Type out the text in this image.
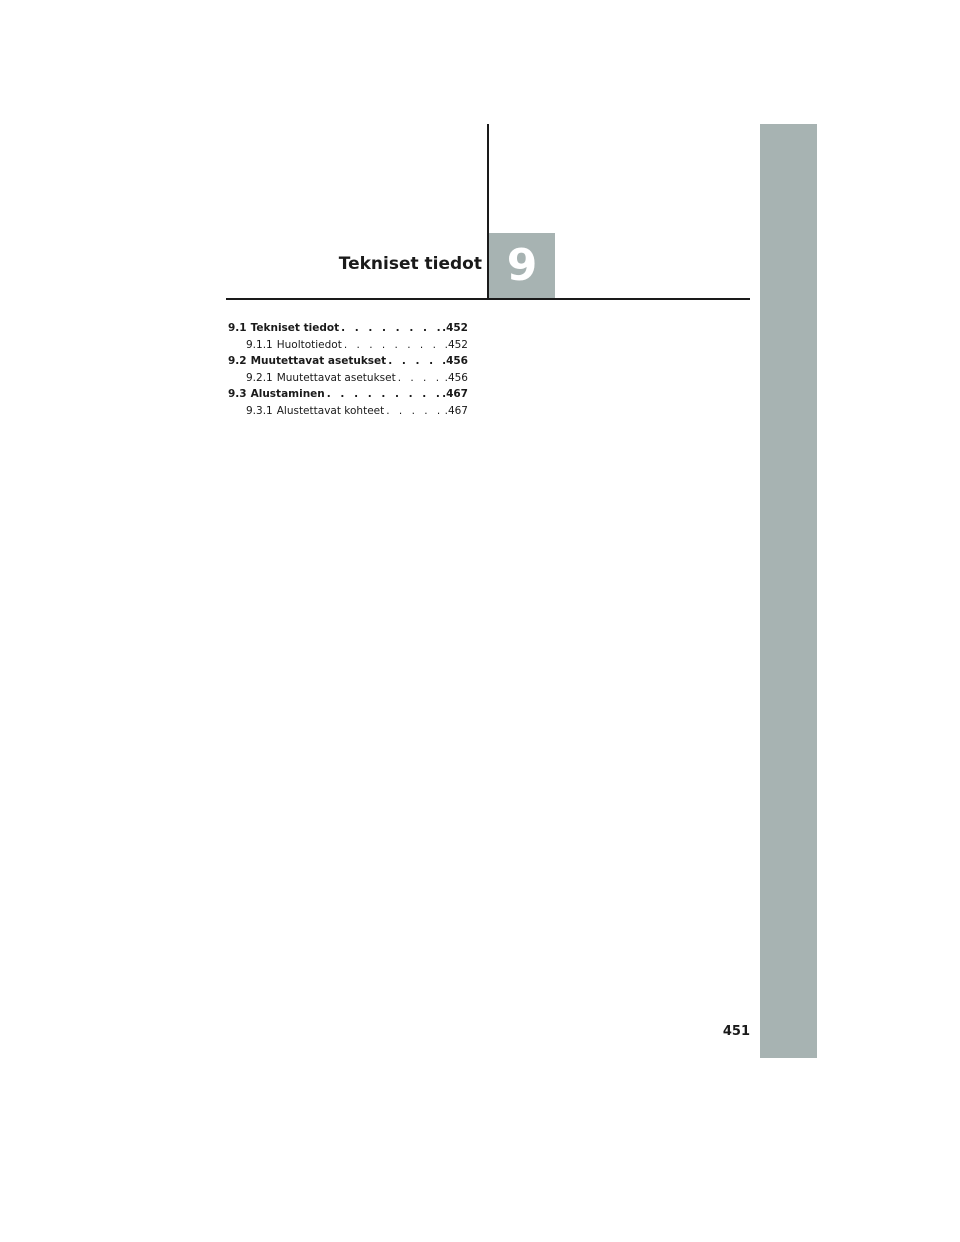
Tekniset tiedot 9
9.1 Tekniset tiedot . . .	.452
9.1.1 Huoltotiedot . . .	.452
9.2 Muutettavat asetukset . . .	.456
9.2.1 Muutettavat asetukset . . .	.456
9.3 Alustaminen . . .	.467
9.3.1 Alustettavat kohteet . . .	.467
451
